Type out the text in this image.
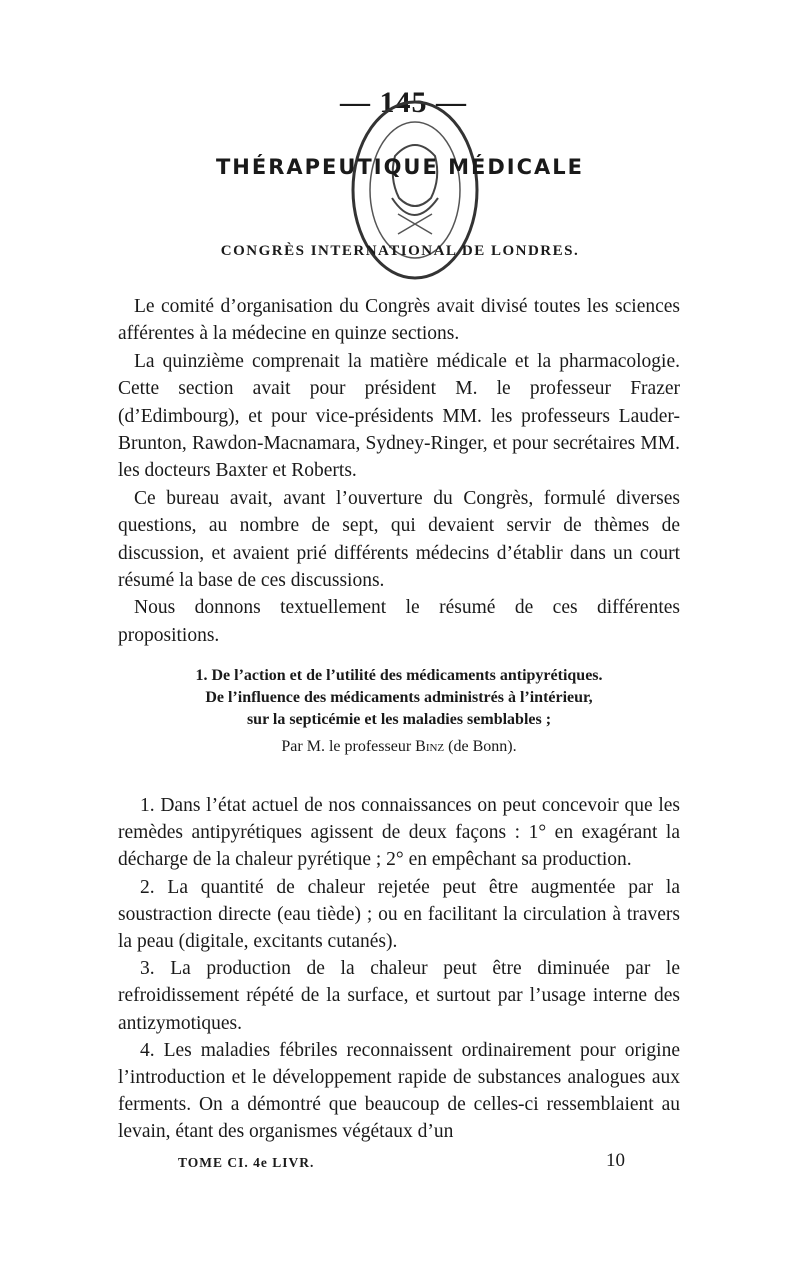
— 145 —
THÉRAPEUTIQUE MÉDICALE
CONGRÈS INTERNATIONAL DE LONDRES.

Le comité d’organisation du Congrès avait divisé toutes les sciences afférentes à la médecine en quinze sections.

La quinzième comprenait la matière médicale et la pharmacologie. Cette section avait pour président M. le professeur Frazer (d’Edimbourg), et pour vice-présidents MM. les professeurs Lauder-Brunton, Rawdon-Macnamara, Sydney-Ringer, et pour secrétaires MM. les docteurs Baxter et Roberts.

Ce bureau avait, avant l’ouverture du Congrès, formulé diverses questions, au nombre de sept, qui devaient servir de thèmes de discussion, et avaient prié différents médecins d’établir dans un court résumé la base de ces discussions.

Nous donnons textuellement le résumé de ces différentes propositions.

1. De l’action et de l’utilité des médicaments antipyrétiques.
De l’influence des médicaments administrés à l’intérieur,
sur la septicémie et les maladies semblables ;
Par M. le professeur Binz (de Bonn).

1. Dans l’état actuel de nos connaissances on peut concevoir que les remèdes antipyrétiques agissent de deux façons : 1° en exagérant la décharge de la chaleur pyrétique ; 2° en empêchant sa production.

2. La quantité de chaleur rejetée peut être augmentée par la soustraction directe (eau tiède) ; ou en facilitant la circulation à travers la peau (digitale, excitants cutanés).

3. La production de la chaleur peut être diminuée par le refroidissement répété de la surface, et surtout par l’usage interne des antizymotiques.

4. Les maladies fébriles reconnaissent ordinairement pour origine l’introduction et le développement rapide de substances analogues aux ferments. On a démontré que beaucoup de celles-ci ressemblaient au levain, étant des organismes végétaux d’un

TOME CI. 4e LIVR.	10
